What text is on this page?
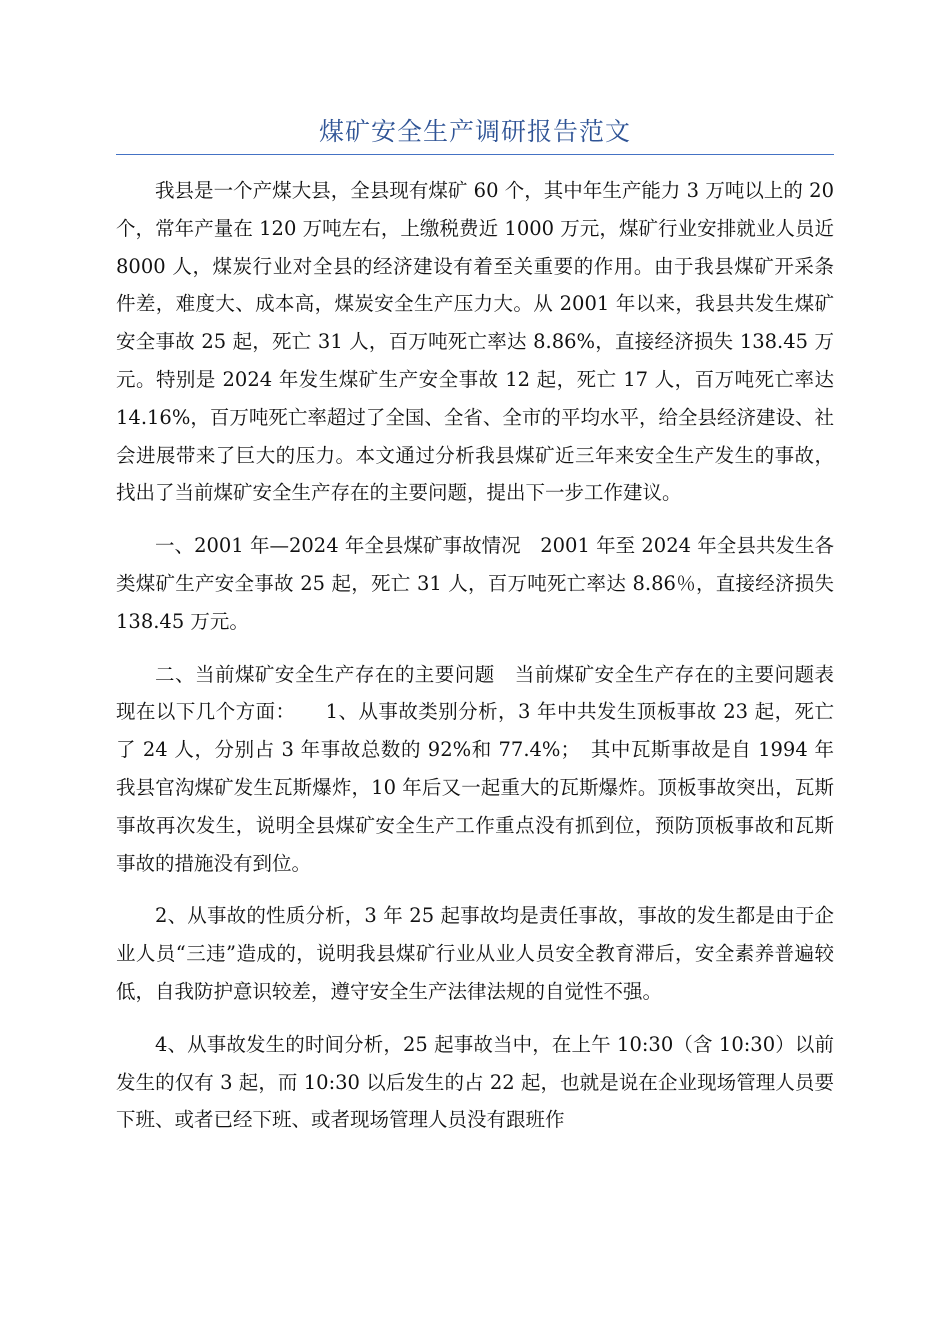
煤矿安全生产调研报告范文

我县是一个产煤大县，全县现有煤矿 60 个，其中年生产能力 3 万吨以上的 20 个，常年产量在 120 万吨左右，上缴税费近 1000 万元，煤矿行业安排就业人员近 8000 人，煤炭行业对全县的经济建设有着至关重要的作用。由于我县煤矿开采条件差，难度大、成本高，煤炭安全生产压力大。从 2001 年以来，我县共发生煤矿安全事故 25 起，死亡 31 人，百万吨死亡率达 8.86%，直接经济损失 138.45 万元。特别是 2024 年发生煤矿生产安全事故 12 起，死亡 17 人，百万吨死亡率达 14.16%，百万吨死亡率超过了全国、全省、全市的平均水平，给全县经济建设、社会进展带来了巨大的压力。本文通过分析我县煤矿近三年来安全生产发生的事故，找出了当前煤矿安全生产存在的主要问题，提出下一步工作建议。

一、2001 年—2024 年全县煤矿事故情况　2001 年至 2024 年全县共发生各类煤矿生产安全事故 25 起，死亡 31 人，百万吨死亡率达 8.86％，直接经济损失 138.45 万元。

二、当前煤矿安全生产存在的主要问题　当前煤矿安全生产存在的主要问题表现在以下几个方面：　　1、从事故类别分析，3 年中共发生顶板事故 23 起，死亡了 24 人，分别占 3 年事故总数的 92%和 77.4%；　其中瓦斯事故是自 1994 年我县官沟煤矿发生瓦斯爆炸，10 年后又一起重大的瓦斯爆炸。顶板事故突出，瓦斯事故再次发生，说明全县煤矿安全生产工作重点没有抓到位，预防顶板事故和瓦斯事故的措施没有到位。

2、从事故的性质分析，3 年 25 起事故均是责任事故，事故的发生都是由于企业人员“三违”造成的，说明我县煤矿行业从业人员安全教育滞后，安全素养普遍较低，自我防护意识较差，遵守安全生产法律法规的自觉性不强。

4、从事故发生的时间分析，25 起事故当中，在上午 10:30（含 10:30）以前发生的仅有 3 起，而 10:30 以后发生的占 22 起，也就是说在企业现场管理人员要下班、或者已经下班、或者现场管理人员没有跟班作
